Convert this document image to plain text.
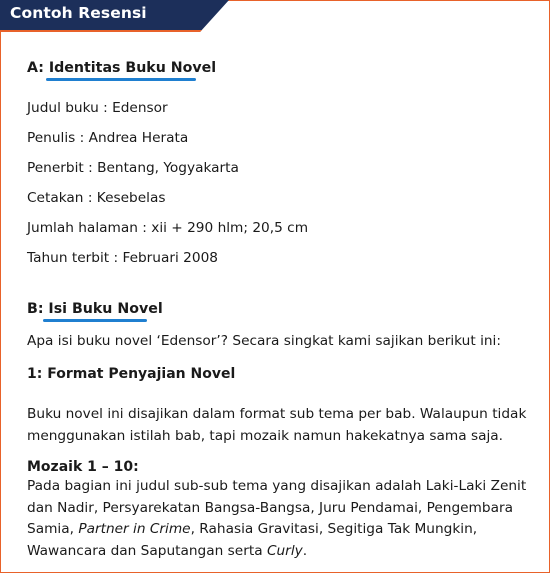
Contoh Resensi
A: Identitas Buku Novel
Judul buku : Edensor
Penulis : Andrea Herata
Penerbit : Bentang, Yogyakarta
Cetakan : Kesebelas
Jumlah halaman : xii + 290 hlm; 20,5 cm
Tahun terbit : Februari 2008
B: Isi Buku Novel
Apa isi buku novel ‘Edensor’? Secara singkat kami sajikan berikut ini:
1: Format Penyajian Novel
Buku novel ini disajikan dalam format sub tema per bab. Walaupun tidak menggunakan istilah bab, tapi mozaik namun hakekatnya sama saja.
Mozaik 1 – 10:
Pada bagian ini judul sub-sub tema yang disajikan adalah Laki-Laki Zenit dan Nadir, Persyarekatan Bangsa-Bangsa, Juru Pendamai, Pengembara Samia, Partner in Crime, Rahasia Gravitasi, Segitiga Tak Mungkin, Wawancara dan Saputangan serta Curly.
